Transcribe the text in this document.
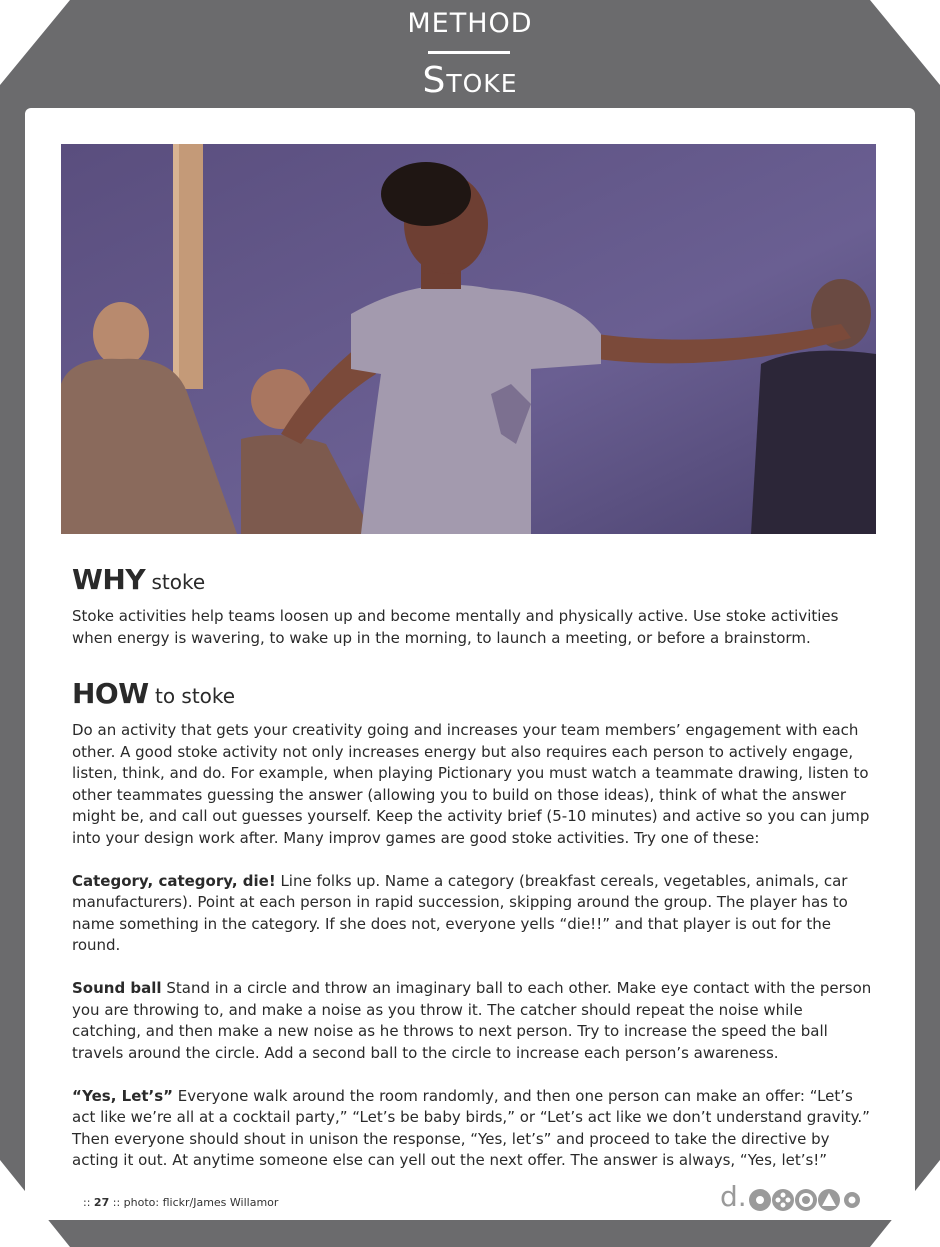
METHOD
Stoke
WHY stoke

Stoke activities help teams loosen up and become mentally and physically active. Use stoke activities when energy is wavering, to wake up in the morning, to launch a meeting, or before a brainstorm.

HOW to stoke

Do an activity that gets your creativity going and increases your team members’ engagement with each other. A good stoke activity not only increases energy but also requires each person to actively engage, listen, think, and do. For example, when playing Pictionary you must watch a teammate drawing, listen to other teammates guessing the answer (allowing you to build on those ideas), think of what the answer might be, and call out guesses yourself. Keep the activity brief (5-10 minutes) and active so you can jump into your design work after. Many improv games are good stoke activities. Try one of these:

Category, category, die! Line folks up. Name a category (breakfast cereals, vegetables, animals, car manufacturers). Point at each person in rapid succession, skipping around the group. The player has to name something in the category. If she does not, everyone yells “die!!” and that player is out for the round.

Sound ball Stand in a circle and throw an imaginary ball to each other. Make eye contact with the person you are throwing to, and make a noise as you throw it. The catcher should repeat the noise while catching, and then make a new noise as he throws to next person. Try to increase the speed the ball travels around the circle. Add a second ball to the circle to increase each person’s awareness.

“Yes, Let’s” Everyone walk around the room randomly, and then one person can make an offer: “Let’s act like we’re all at a cocktail party,” “Let’s be baby birds,” or “Let’s act like we don’t understand gravity.” Then everyone should shout in unison the response, “Yes, let’s” and proceed to take the directive by acting it out. At anytime someone else can yell out the next offer. The answer is always, “Yes, let’s!”

:: 27 :: photo: flickr/James Willamor	d.
